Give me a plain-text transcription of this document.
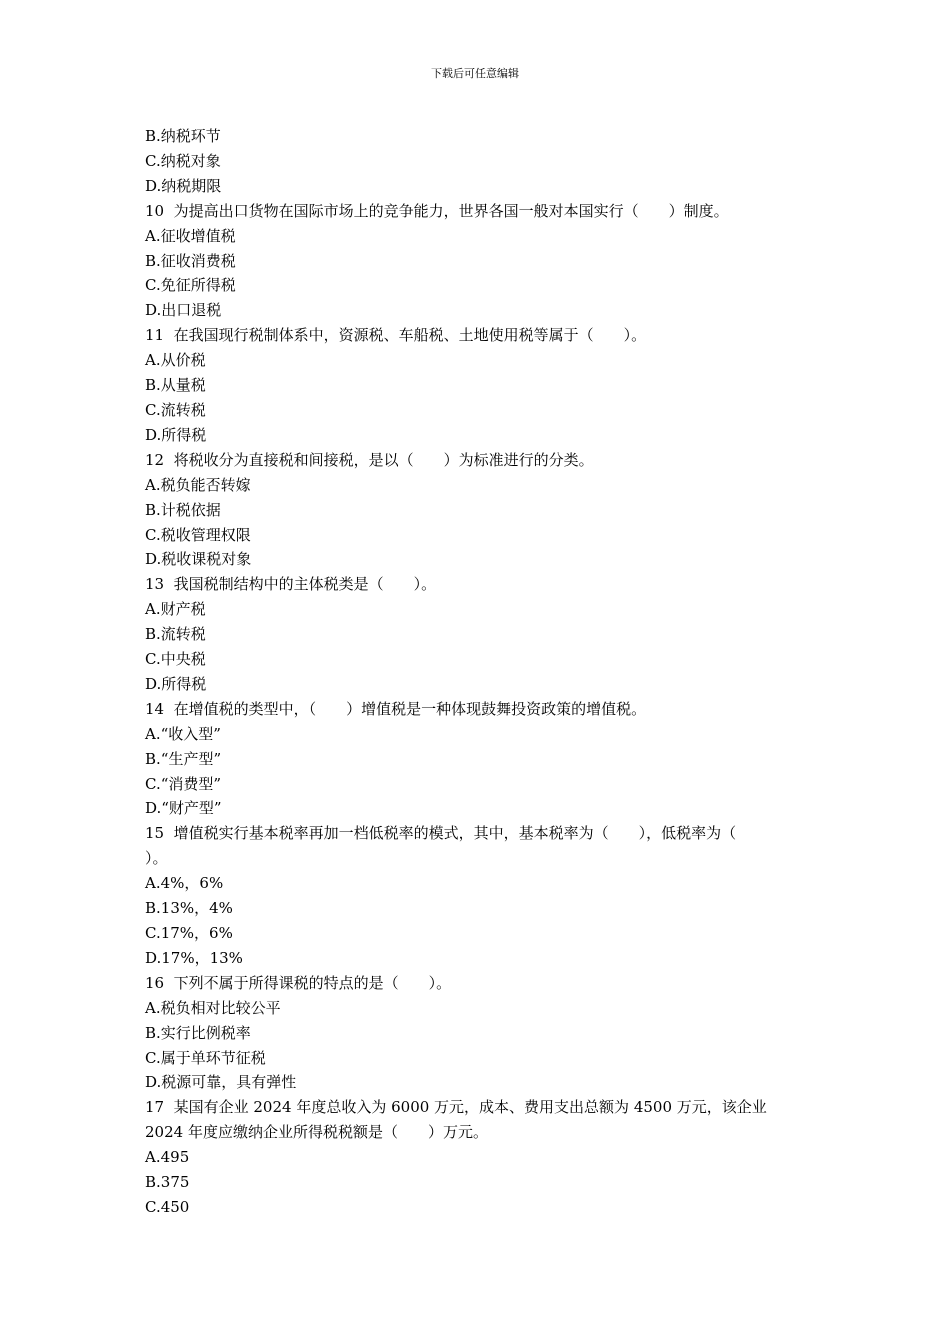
下载后可任意编辑
B.纳税环节
C.纳税对象
D.纳税期限
10  为提高出口货物在国际市场上的竞争能力，世界各国一般对本国实行（　　）制度。
A.征收增值税
B.征收消费税
C.免征所得税
D.出口退税
11  在我国现行税制体系中，资源税、车船税、土地使用税等属于（　　）。
A.从价税
B.从量税
C.流转税
D.所得税
12  将税收分为直接税和间接税，是以（　　）为标准进行的分类。
A.税负能否转嫁
B.计税依据
C.税收管理权限
D.税收课税对象
13  我国税制结构中的主体税类是（　　）。
A.财产税
B.流转税
C.中央税
D.所得税
14  在增值税的类型中，（　　）增值税是一种体现鼓舞投资政策的增值税。
A.“收入型”
B.“生产型”
C.“消费型”
D.“财产型”
15  增值税实行基本税率再加一档低税率的模式，其中，基本税率为（　　），低税率为（
）。
A.4%，6%
B.13%，4%
C.17%，6%
D.17%，13%
16  下列不属于所得课税的特点的是（　　）。
A.税负相对比较公平
B.实行比例税率
C.属于单环节征税
D.税源可靠，具有弹性
17  某国有企业 2024 年度总收入为 6000 万元，成本、费用支出总额为 4500 万元，该企业
2024 年度应缴纳企业所得税税额是（　　）万元。
A.495
B.375
C.450
